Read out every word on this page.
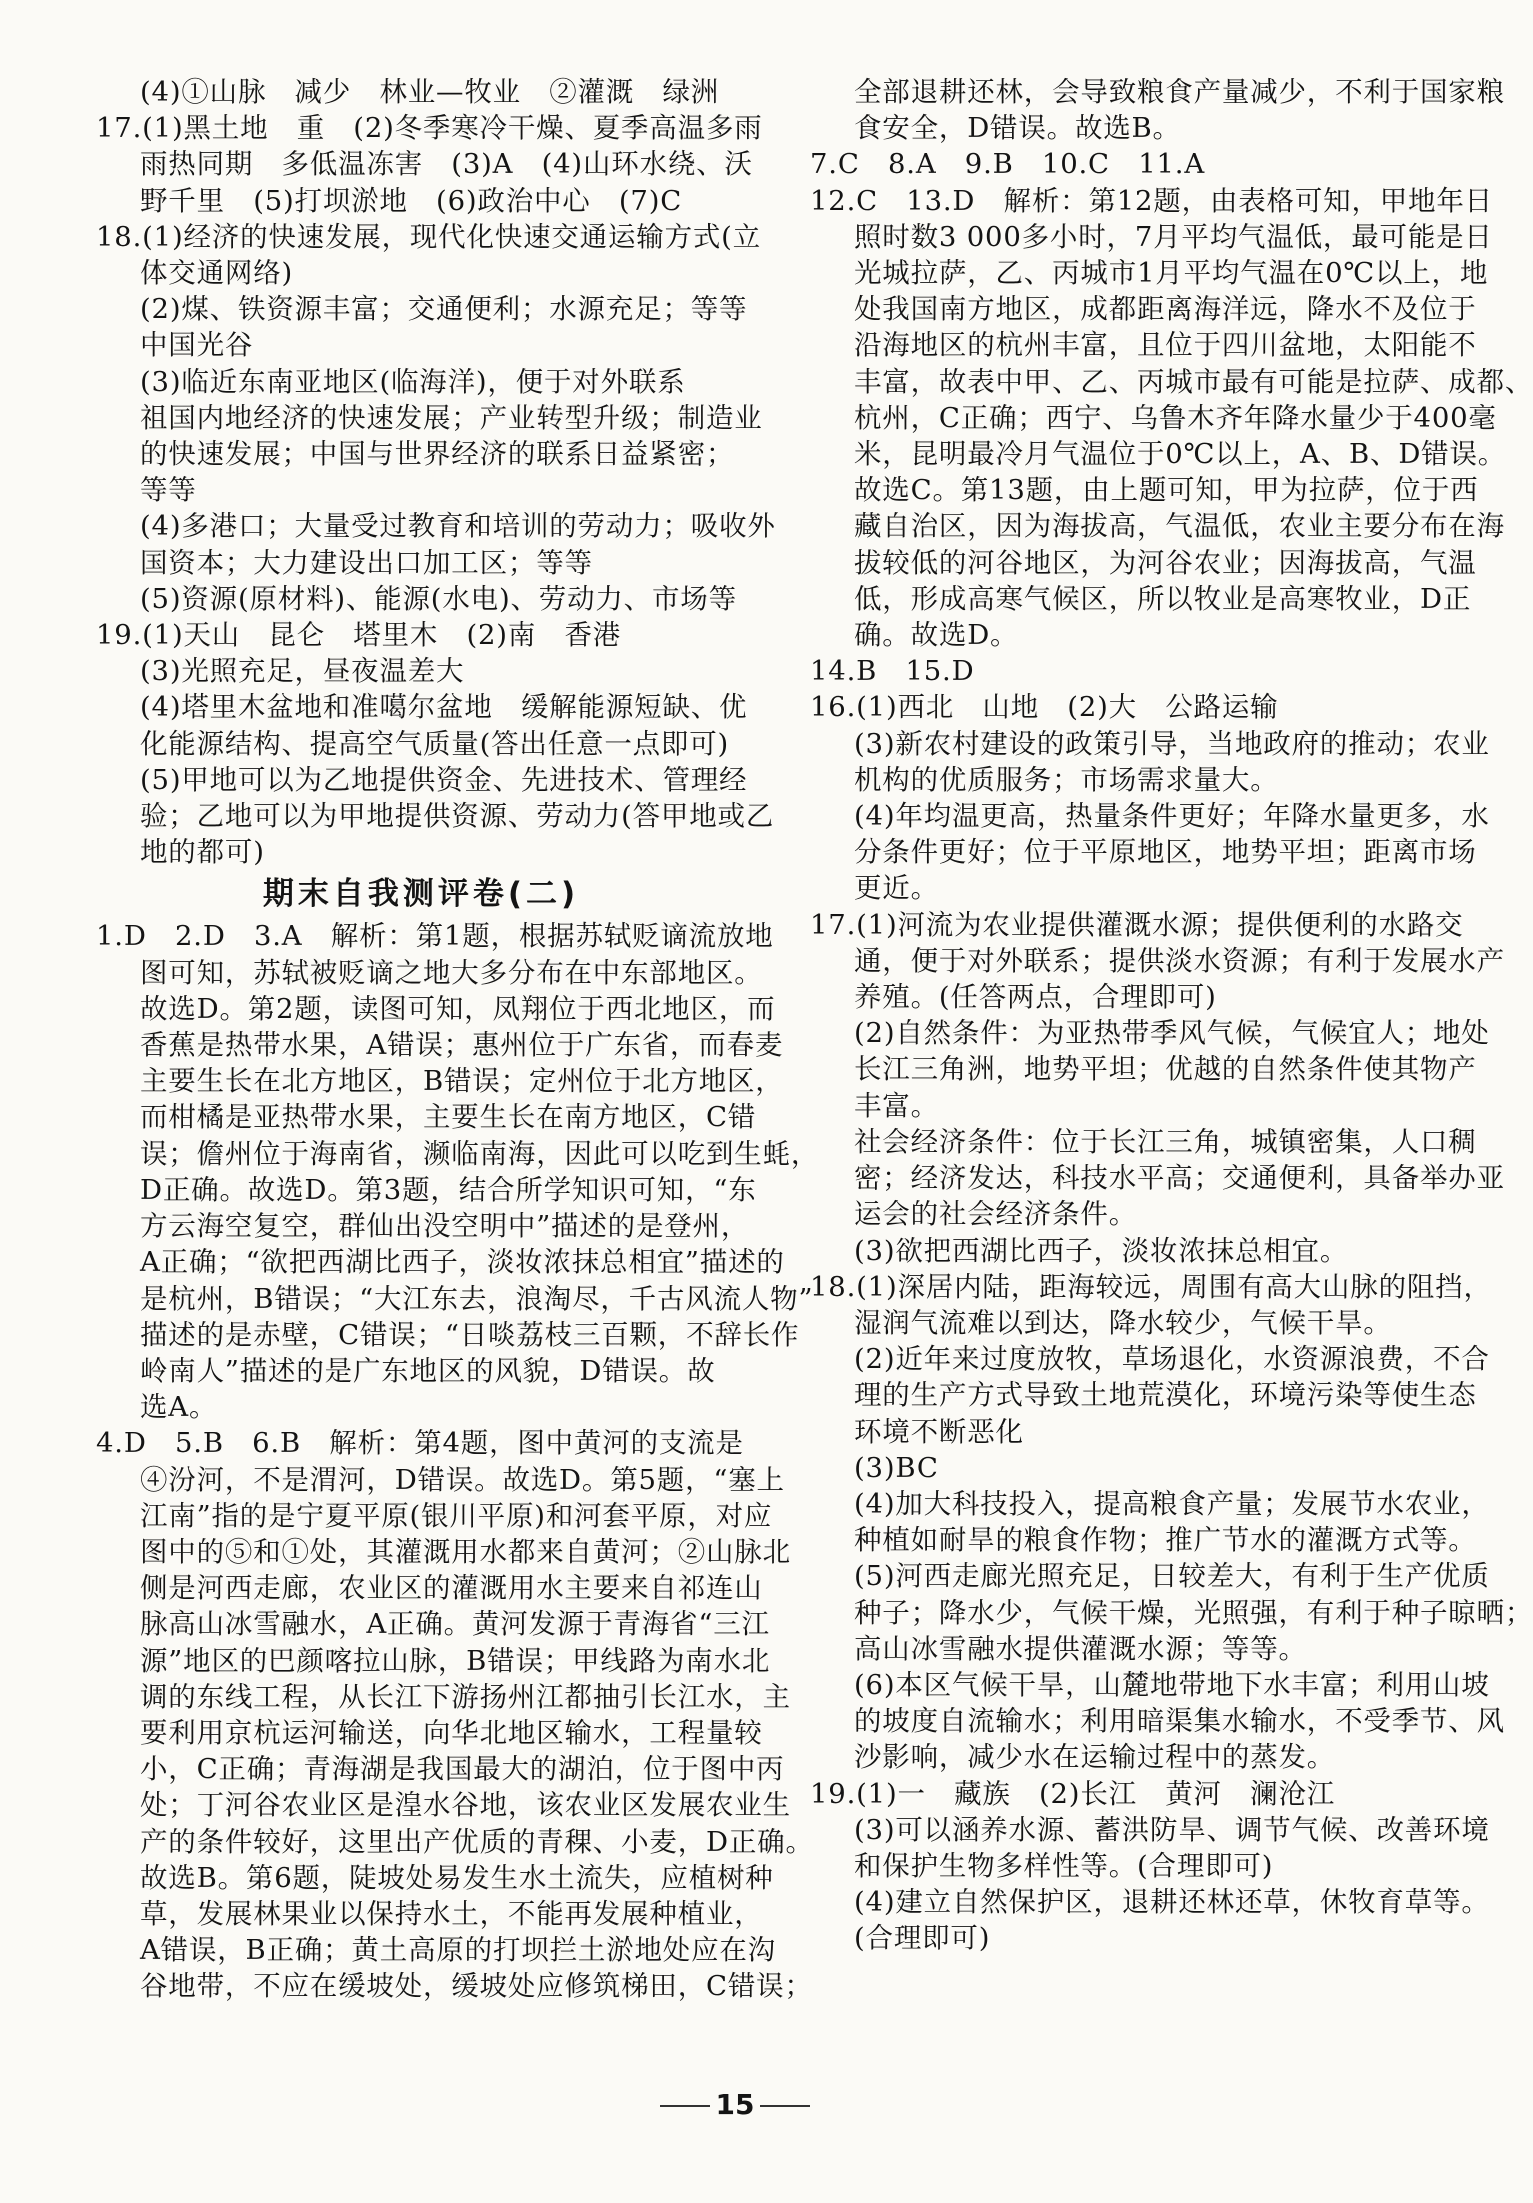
(4)①山脉　减少　林业—牧业　②灌溉　绿洲
17.(1)黑土地　重　(2)冬季寒冷干燥、夏季高温多雨
雨热同期　多低温冻害　(3)A　(4)山环水绕、沃
野千里　(5)打坝淤地　(6)政治中心　(7)C
18.(1)经济的快速发展，现代化快速交通运输方式(立
体交通网络)
(2)煤、铁资源丰富；交通便利；水源充足；等等
中国光谷
(3)临近东南亚地区(临海洋)，便于对外联系
祖国内地经济的快速发展；产业转型升级；制造业
的快速发展；中国与世界经济的联系日益紧密；
等等
(4)多港口；大量受过教育和培训的劳动力；吸收外
国资本；大力建设出口加工区；等等
(5)资源(原材料)、能源(水电)、劳动力、市场等
19.(1)天山　昆仑　塔里木　(2)南　香港
(3)光照充足，昼夜温差大
(4)塔里木盆地和准噶尔盆地　缓解能源短缺、优
化能源结构、提高空气质量(答出任意一点即可)
(5)甲地可以为乙地提供资金、先进技术、管理经
验；乙地可以为甲地提供资源、劳动力(答甲地或乙
地的都可)
期末自我测评卷(二)
1.D　2.D　3.A　解析：第1题，根据苏轼贬谪流放地
图可知，苏轼被贬谪之地大多分布在中东部地区。
故选D。第2题，读图可知，凤翔位于西北地区，而
香蕉是热带水果，A错误；惠州位于广东省，而春麦
主要生长在北方地区，B错误；定州位于北方地区，
而柑橘是亚热带水果，主要生长在南方地区，C错
误；儋州位于海南省，濒临南海，因此可以吃到生蚝，
D正确。故选D。第3题，结合所学知识可知，“东
方云海空复空，群仙出没空明中”描述的是登州，
A正确；“欲把西湖比西子，淡妆浓抹总相宜”描述的
是杭州，B错误；“大江东去，浪淘尽，千古风流人物”
描述的是赤壁，C错误；“日啖荔枝三百颗，不辞长作
岭南人”描述的是广东地区的风貌，D错误。故
选A。
4.D　5.B　6.B　解析：第4题，图中黄河的支流是
④汾河，不是渭河，D错误。故选D。第5题，“塞上
江南”指的是宁夏平原(银川平原)和河套平原，对应
图中的⑤和①处，其灌溉用水都来自黄河；②山脉北
侧是河西走廊，农业区的灌溉用水主要来自祁连山
脉高山冰雪融水，A正确。黄河发源于青海省“三江
源”地区的巴颜喀拉山脉，B错误；甲线路为南水北
调的东线工程，从长江下游扬州江都抽引长江水，主
要利用京杭运河输送，向华北地区输水，工程量较
小，C正确；青海湖是我国最大的湖泊，位于图中丙
处；丁河谷农业区是湟水谷地，该农业区发展农业生
产的条件较好，这里出产优质的青稞、小麦，D正确。
故选B。第6题，陡坡处易发生水土流失，应植树种
草，发展林果业以保持水土，不能再发展种植业，
A错误，B正确；黄土高原的打坝拦土淤地处应在沟
谷地带，不应在缓坡处，缓坡处应修筑梯田，C错误；
全部退耕还林，会导致粮食产量减少，不利于国家粮
食安全，D错误。故选B。
7.C　8.A　9.B　10.C　11.A
12.C　13.D　解析：第12题，由表格可知，甲地年日
照时数3 000多小时，7月平均气温低，最可能是日
光城拉萨，乙、丙城市1月平均气温在0℃以上，地
处我国南方地区，成都距离海洋远，降水不及位于
沿海地区的杭州丰富，且位于四川盆地，太阳能不
丰富，故表中甲、乙、丙城市最有可能是拉萨、成都、
杭州，C正确；西宁、乌鲁木齐年降水量少于400毫
米，昆明最冷月气温位于0℃以上，A、B、D错误。
故选C。第13题，由上题可知，甲为拉萨，位于西
藏自治区，因为海拔高，气温低，农业主要分布在海
拔较低的河谷地区，为河谷农业；因海拔高，气温
低，形成高寒气候区，所以牧业是高寒牧业，D正
确。故选D。
14.B　15.D
16.(1)西北　山地　(2)大　公路运输
(3)新农村建设的政策引导，当地政府的推动；农业
机构的优质服务；市场需求量大。
(4)年均温更高，热量条件更好；年降水量更多，水
分条件更好；位于平原地区，地势平坦；距离市场
更近。
17.(1)河流为农业提供灌溉水源；提供便利的水路交
通，便于对外联系；提供淡水资源；有利于发展水产
养殖。(任答两点，合理即可)
(2)自然条件：为亚热带季风气候，气候宜人；地处
长江三角洲，地势平坦；优越的自然条件使其物产
丰富。
社会经济条件：位于长江三角，城镇密集，人口稠
密；经济发达，科技水平高；交通便利，具备举办亚
运会的社会经济条件。
(3)欲把西湖比西子，淡妆浓抹总相宜。
18.(1)深居内陆，距海较远，周围有高大山脉的阻挡，
湿润气流难以到达，降水较少，气候干旱。
(2)近年来过度放牧，草场退化，水资源浪费，不合
理的生产方式导致土地荒漠化，环境污染等使生态
环境不断恶化
(3)BC
(4)加大科技投入，提高粮食产量；发展节水农业，
种植如耐旱的粮食作物；推广节水的灌溉方式等。
(5)河西走廊光照充足，日较差大，有利于生产优质
种子；降水少，气候干燥，光照强，有利于种子晾晒；
高山冰雪融水提供灌溉水源；等等。
(6)本区气候干旱，山麓地带地下水丰富；利用山坡
的坡度自流输水；利用暗渠集水输水，不受季节、风
沙影响，减少水在运输过程中的蒸发。
19.(1)一　藏族　(2)长江　黄河　澜沧江
(3)可以涵养水源、蓄洪防旱、调节气候、改善环境
和保护生物多样性等。(合理即可)
(4)建立自然保护区，退耕还林还草，休牧育草等。
(合理即可)
15
